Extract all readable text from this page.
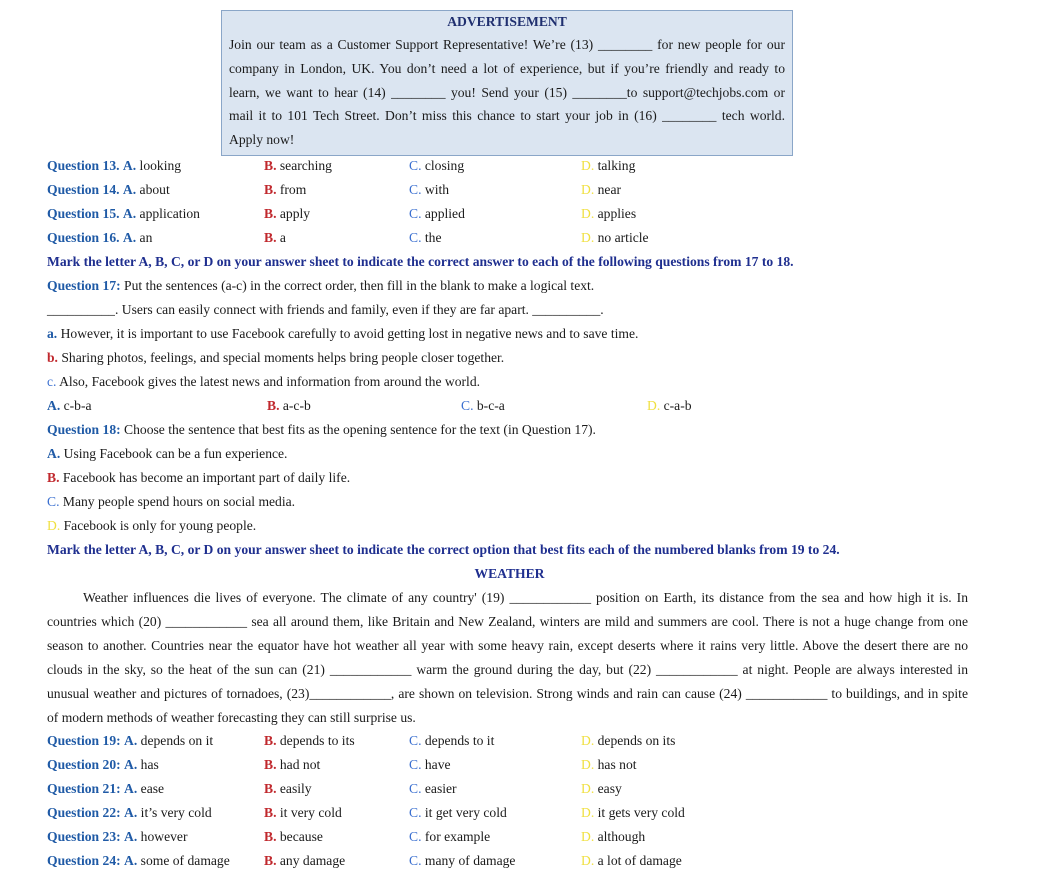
ADVERTISEMENT
Join our team as a Customer Support Representative! We’re (13) ________ for new people for our
company in London, UK. You don’t need a lot of experience, but if you’re friendly and ready to
learn, we want to hear (14) ________ you! Send your (15) ________to support@techjobs.com or
mail it to 101 Tech Street. Don’t miss this chance to start your job in (16) ________ tech world.
Apply now!
Question 13. A. looking	B. searching	C. closing	D. talking
Question 14. A. about	B. from	C. with	D. near
Question 15. A. application	B. apply	C. applied	D. applies
Question 16. A. an	B. a	C. the	D. no article
Mark the letter A, B, C, or D on your answer sheet to indicate the correct answer to each of the following questions from 17 to 18.
Question 17: Put the sentences (a-c) in the correct order, then fill in the blank to make a logical text.
__________. Users can easily connect with friends and family, even if they are far apart. __________.
a. However, it is important to use Facebook carefully to avoid getting lost in negative news and to save time.
b. Sharing photos, feelings, and special moments helps bring people closer together.
c. Also, Facebook gives the latest news and information from around the world.
A. c-b-a	B. a-c-b	C. b-c-a	D. c-a-b
Question 18: Choose the sentence that best fits as the opening sentence for the text (in Question 17).
A. Using Facebook can be a fun experience.
B. Facebook has become an important part of daily life.
C. Many people spend hours on social media.
D. Facebook is only for young people.
Mark the letter A, B, C, or D on your answer sheet to indicate the correct option that best fits each of the numbered blanks from 19 to 24.
WEATHER
Weather influences die lives of everyone. The climate of any country' (19) ____________ position on Earth, its distance from the sea and how high it is. In
countries which (20) ____________ sea all around them, like Britain and New Zealand, winters are mild and summers are cool. There is not a huge change from one
season to another. Countries near the equator have hot weather all year with some heavy rain, except deserts where it rains very little. Above the desert there are no
clouds in the sky, so the heat of the sun can (21) ____________ warm the ground during the day, but (22) ____________ at night. People are always interested in
unusual weather and pictures of tornadoes, (23)____________, are shown on television. Strong winds and rain can cause (24) ____________ to buildings, and in spite
of modern methods of weather forecasting they can still surprise us.
Question 19: A. depends on it	B. depends to its	C. depends to it	D. depends on its
Question 20: A. has	B. had not	C. have	D. has not
Question 21: A. ease	B. easily	C. easier	D. easy
Question 22: A. it’s very cold	B. it very cold	C. it get very cold	D. it gets very cold
Question 23: A. however	B. because	C. for example	D. although
Question 24: A. some of damage	B. any damage	C. many of damage	D. a lot of damage
